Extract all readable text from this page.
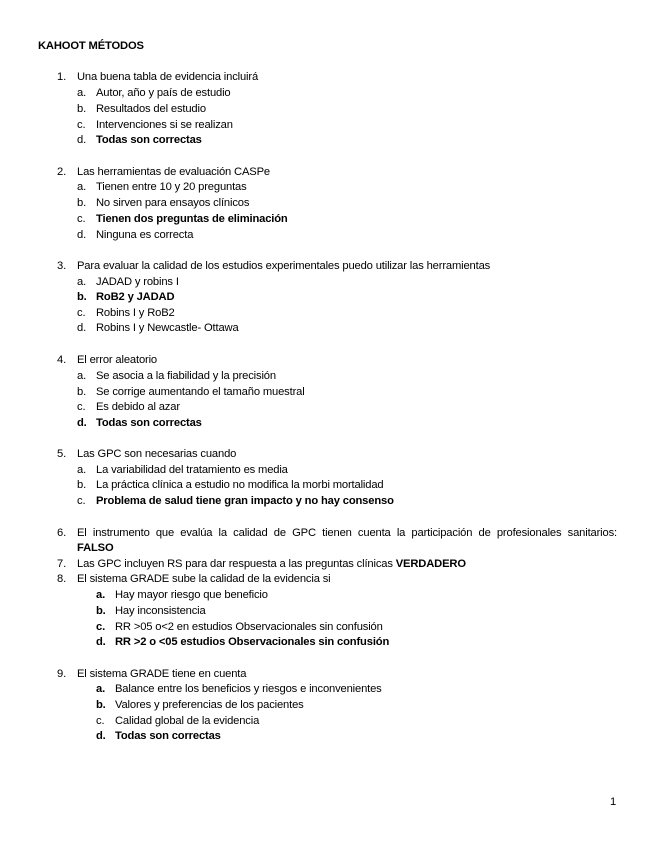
KAHOOT MÉTODOS
1. Una buena tabla de evidencia incluirá
a. Autor, año y país de estudio
b. Resultados del estudio
c. Intervenciones si se realizan
d. Todas son correctas
2. Las herramientas de evaluación CASPe
a. Tienen entre 10 y 20 preguntas
b. No sirven para ensayos clínicos
c. Tienen dos preguntas de eliminación
d. Ninguna es correcta
3. Para evaluar la calidad de los estudios experimentales puedo utilizar las herramientas
a. JADAD y robins I
b. RoB2 y JADAD
c. Robins I y RoB2
d. Robins I y Newcastle- Ottawa
4. El error aleatorio
a. Se asocia a la fiabilidad y la precisión
b. Se corrige aumentando el tamaño muestral
c. Es debido al azar
d. Todas son correctas
5. Las GPC son necesarias cuando
a. La variabilidad del tratamiento es media
b. La práctica clínica a estudio no modifica la morbi mortalidad
c. Problema de salud tiene gran impacto y no hay consenso
6. El instrumento que evalúa la calidad de GPC tienen cuenta la participación de profesionales sanitarios:
FALSO
7. Las GPC incluyen RS para dar respuesta a las preguntas clínicas VERDADERO
8. El sistema GRADE sube la calidad de la evidencia si
a. Hay mayor riesgo que beneficio
b. Hay inconsistencia
c. RR >05 o<2 en estudios Observacionales sin confusión
d. RR >2 o <05 estudios Observacionales sin confusión
9. El sistema GRADE tiene en cuenta
a. Balance entre los beneficios y riesgos e inconvenientes
b. Valores y preferencias de los pacientes
c. Calidad global de la evidencia
d. Todas son correctas
1
